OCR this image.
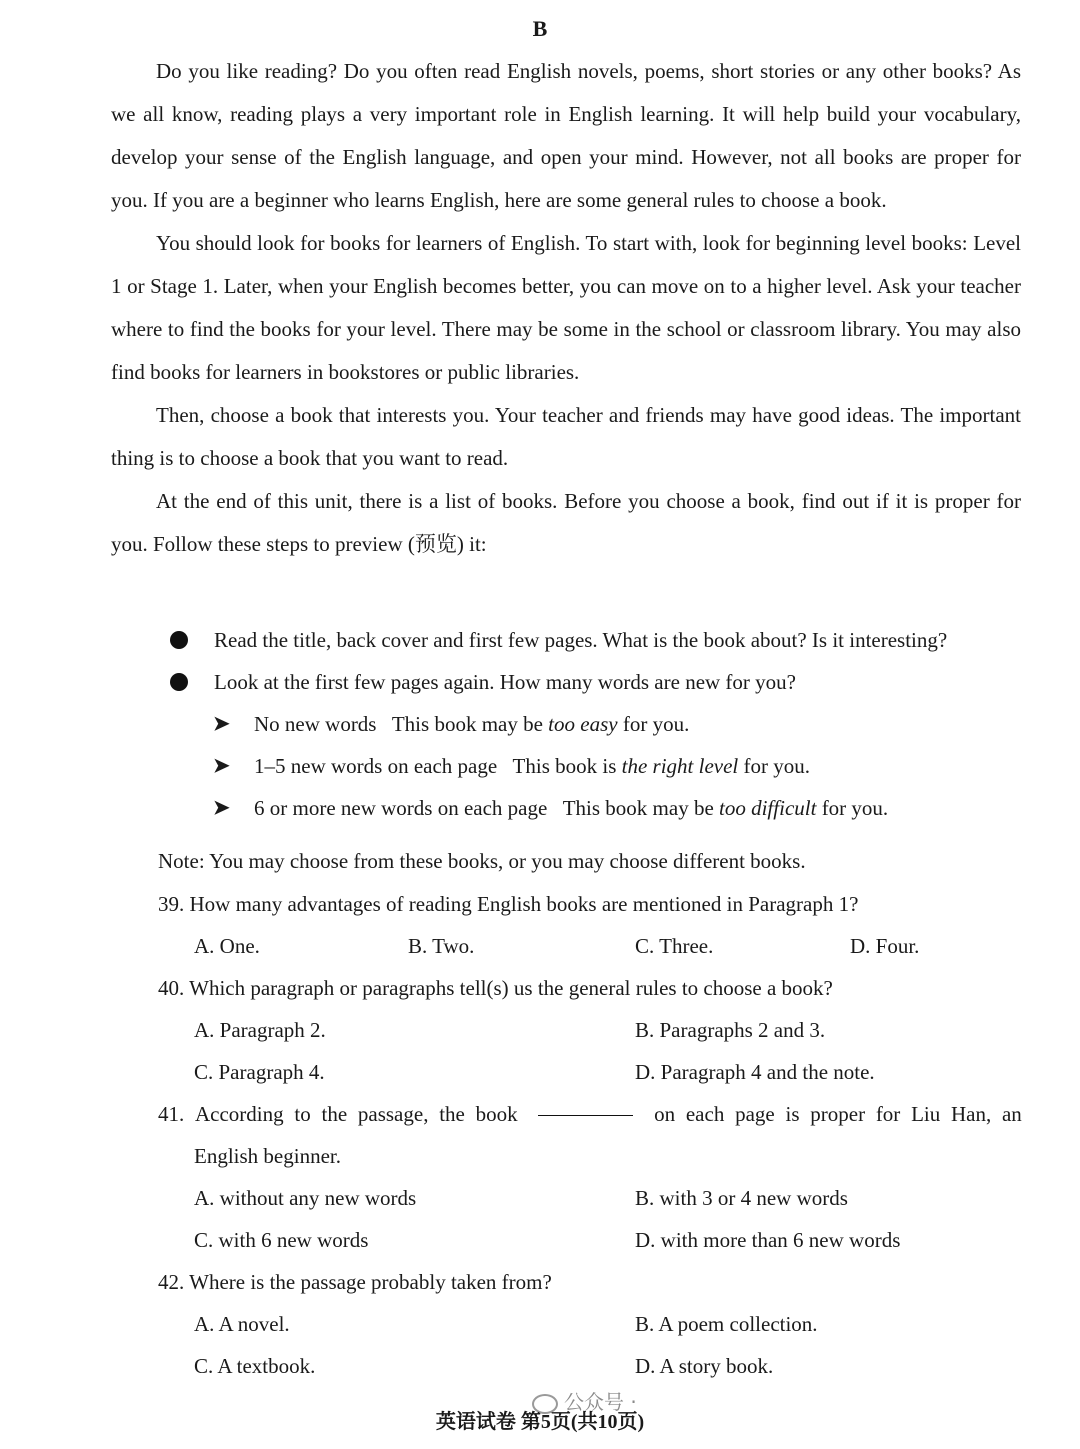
B

Do you like reading? Do you often read English novels, poems, short stories or any other books? As we all know, reading plays a very important role in English learning. It will help build your vocabulary, develop your sense of the English language, and open your mind. However, not all books are proper for you. If you are a beginner who learns English, here are some general rules to choose a book.

You should look for books for learners of English. To start with, look for beginning level books: Level 1 or Stage 1. Later, when your English becomes better, you can move on to a higher level. Ask your teacher where to find the books for your level. There may be some in the school or classroom library. You may also find books for learners in bookstores or public libraries.

Then, choose a book that interests you. Your teacher and friends may have good ideas. The important thing is to choose a book that you want to read.

At the end of this unit, there is a list of books. Before you choose a book, find out if it is proper for you. Follow these steps to preview (预览) it:

Read the title, back cover and first few pages. What is the book about? Is it interesting?
Look at the first few pages again. How many words are new for you?
➤ No new words This book may be too easy for you.
➤ 1–5 new words on each page This book is the right level for you.
➤ 6 or more new words on each page This book may be too difficult for you.
Note: You may choose from these books, or you may choose different books.
39. How many advantages of reading English books are mentioned in Paragraph 1?
A. One.	B. Two.	C. Three.	D. Four.
40. Which paragraph or paragraphs tell(s) us the general rules to choose a book?
A. Paragraph 2.	B. Paragraphs 2 and 3.
C. Paragraph 4.	D. Paragraph 4 and the note.
41. According to the passage, the book	on each page is proper for Liu Han, an
English beginner.
A. without any new words	B. with 3 or 4 new words
C. with 6 new words	D. with more than 6 new words
42. Where is the passage probably taken from?
A. A novel.	B. A poem collection.
C. A textbook.	D. A story book.
公众号 ·
英语试卷 第5页(共10页)
